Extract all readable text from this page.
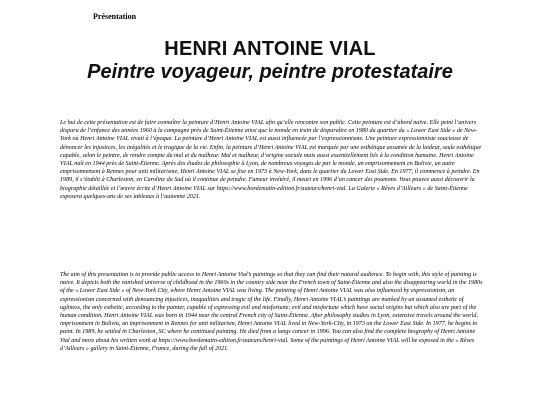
Présentation
HENRI ANTOINE VIAL
Peintre voyageur, peintre protestataire

Le but de cette présentation est de faire connaître la peinture d’Henri Antoine VIAL afin qu’elle rencontre son public. Cette peinture est d’abord naïve. Elle peint l’univers disparu de l’enfance des années 1960 à la campagne près de Saint-Étienne ainsi que le monde en train de disparaître en 1980 du quartier du « Lower East Side » de New-York où Henri Antoine VIAL vivait à l’époque. La peinture d’Henri Antoine VIAL est aussi influencée par l’expressionnisme. Une peinture expressionniste soucieuse de dénoncer les injustices, les inégalités et le tragique de la vie. Enfin, la peinture d’Henri Antoine VIAL est marquée par une esthétique assumée de la laideur, seule esthétique capable, selon le peintre, de rendre compte du mal et du malheur. Mal et malheur, d’origine sociale mais aussi essentiellement liés à la condition humaine. Henri Antoine VIAL naît en 1944 près de Saint-Étienne. Après des études de philosophie à Lyon, de nombreux voyages de par le monde, un emprisonnement en Bolivie, un autre emprisonnement à Rennes pour anti militarisme, Henri Antoine VIAL se fixe en 1973 à New-York, dans le quartier du Lower East Side. En 1977, il commence à peindre. En 1989, il s’établit à Charleston, en Caroline du Sud où il continue de peindre. Fumeur invétéré, il meurt en 1996 d’un cancer des poumons. Vous pouvez aussi découvrir la biographie détaillée et l’œuvre écrite d’Henri Antoine VIAL sur https://www.bordematin-edition.fr/auteurs/henri-vial. La Galerie « Rêves d’Ailleurs » de Saint-Étienne exposera quelques-uns de ses tableaux à l’automne 2021.

The aim of this presentation is to provide public access to Henri Antoine Vial’s paintings so that they can find their natural audience. To begin with, this style of painting is naive. It depicts both the vanished universe of childhood in the 1960s in the country side near the French town of Saint-Étienne and also the disappearing world in the 1980s of the « Lower East Side » of New-York City, where Henri Antoine VIAL was living. The painting of Henri Antoine VIAL was also influenced by expressionism, an expressionism concerned with denouncing injustices, inequalities and tragic of the life. Finally, Henri Antoine VIAL’s paintings are marked by an assumed esthetic of ugliness, the only esthetic, according to the painter, capable of expressing evil and misfortune; evil and misfortune which have social origins but which also are part of the human condition. Henri Antoine VIAL was born in 1944 near the central French city of Saint-Étienne. After philosophy studies in Lyon, extensive travels around the world, imprisonment in Bolivia, an imprisonment in Rennes for anti militarism, Henri Antoine VIAL lived in New-York-City, in 1973 on the Lower East Side. In 1977, he begins to paint. In 1989, he settled in Charleston, SC where he continued painting. He died from a lungs cancer in 1996. You can also find the complete biography of Henri Antoine Vial and more about his written work at https://www.bordematin-edition.fr/auteurs/henri-vial. Some of the paintings of Henri Antoine VIAL will be exposed in the « Rêves d’Ailleurs » gallery in Saint-Étienne, France, during the fall of 2021.
